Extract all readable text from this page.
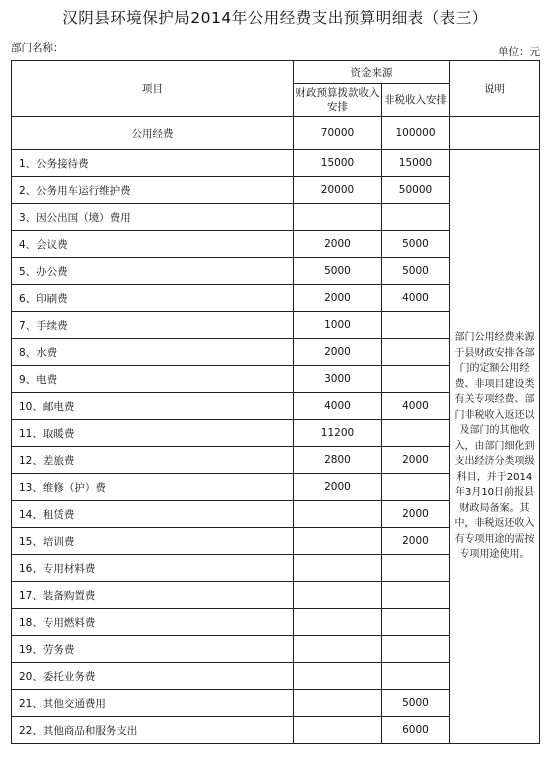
汉阴县环境保护局2014年公用经费支出预算明细表（表三）
部门名称：	单位：元
项目	资金来源		说明
	财政预算拨款收入安排	非税收入安排	
公用经费	70000	100000	
1、公务接待费	15000	15000	部门公用经费来源于县财政安排各部门的定额公用经费、非项目建设类有关专项经费、部门非税收入返还以及部门的其他收入，由部门细化到支出经济分类项级科目，并于2014年3月10日前报县财政局备案。其中，非税返还收入有专项用途的需按专项用途使用。
2、公务用车运行维护费	20000	50000	
3、因公出国（境）费用			
4、会议费	2000	5000	
5、办公费	5000	5000	
6、印刷费	2000	4000	
7、手续费	1000		
8、水费	2000		
9、电费	3000		
10、邮电费	4000	4000	
11、取暖费	11200		
12、差旅费	2800	2000	
13、维修（护）费	2000		
14、租赁费		2000	
15、培训费		2000	
16、专用材料费			
17、装备购置费			
18、专用燃料费			
19、劳务费			
20、委托业务费			
21、其他交通费用		5000	
22、其他商品和服务支出		6000	
